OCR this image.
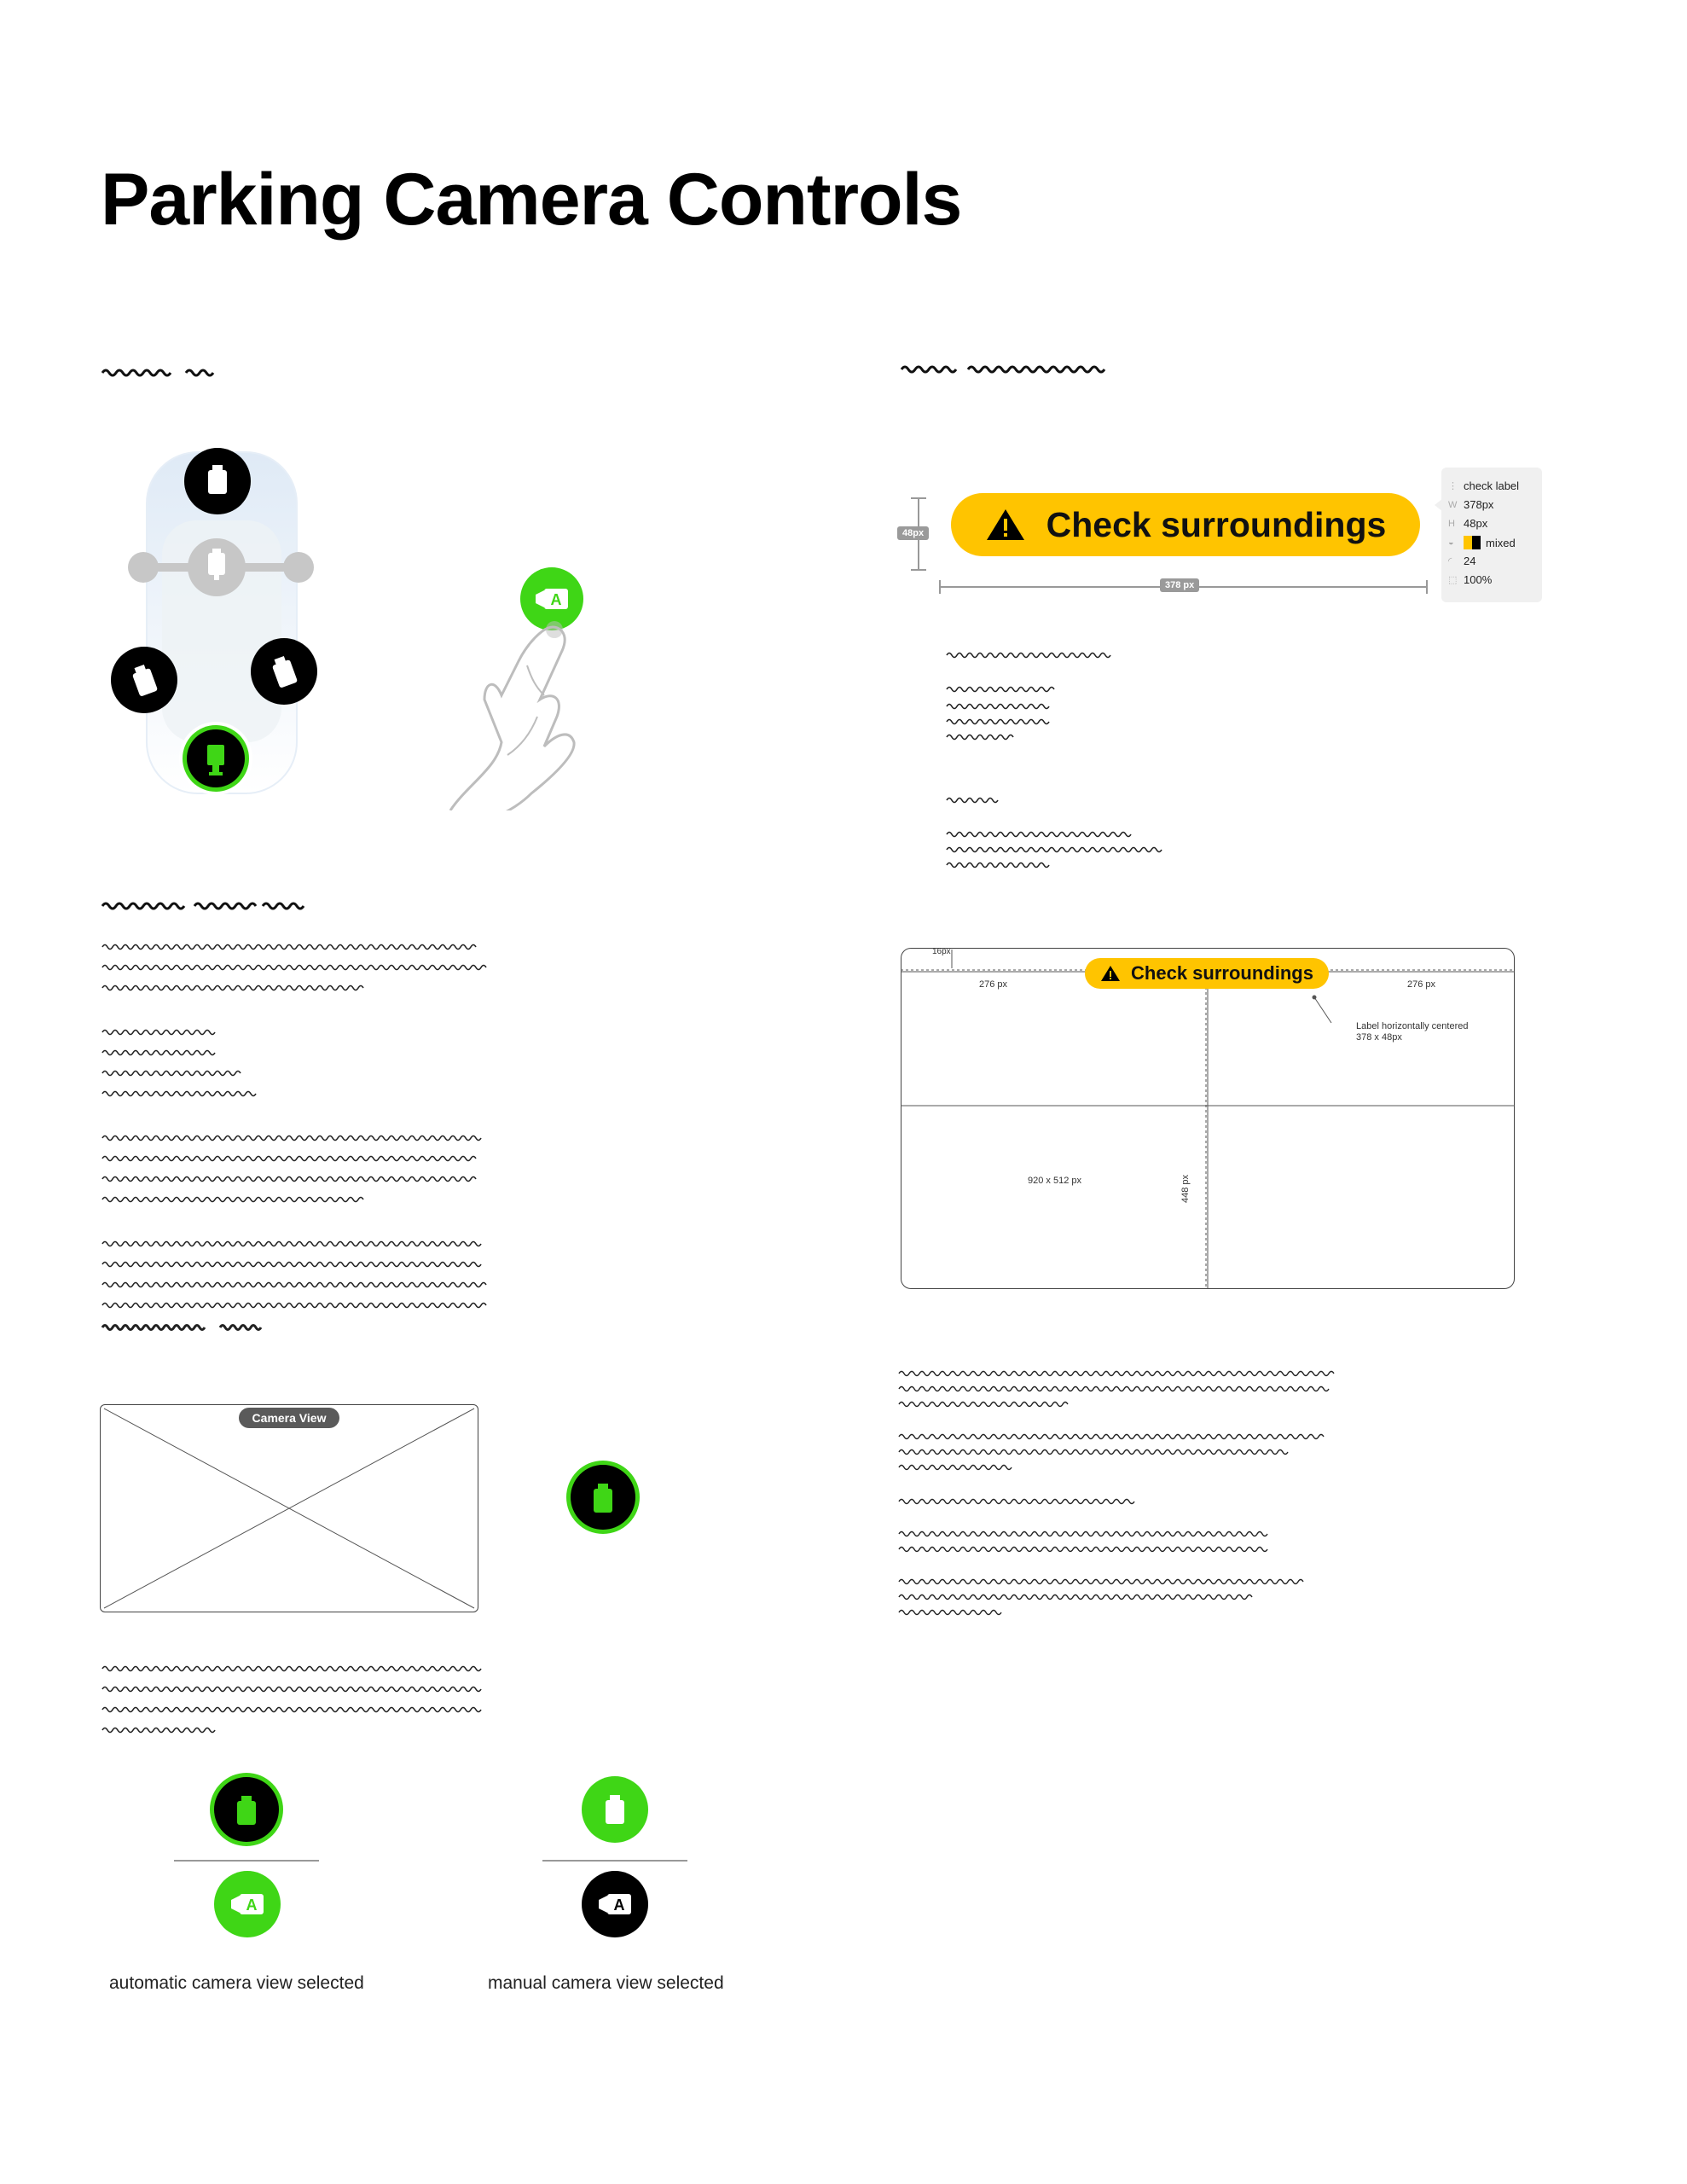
Parking Camera Controls
A
Check surroundings
48px
378 px
⋮ check label
W 378px
H 48px
◒	mixed
◜	24
⬚ 100%
16px
Check surroundings
276 px	276 px
Label horizontally centered
378 x 48px
920 x 512 px	448 px
Camera View
A
automatic camera view selected
A
manual camera view selected
